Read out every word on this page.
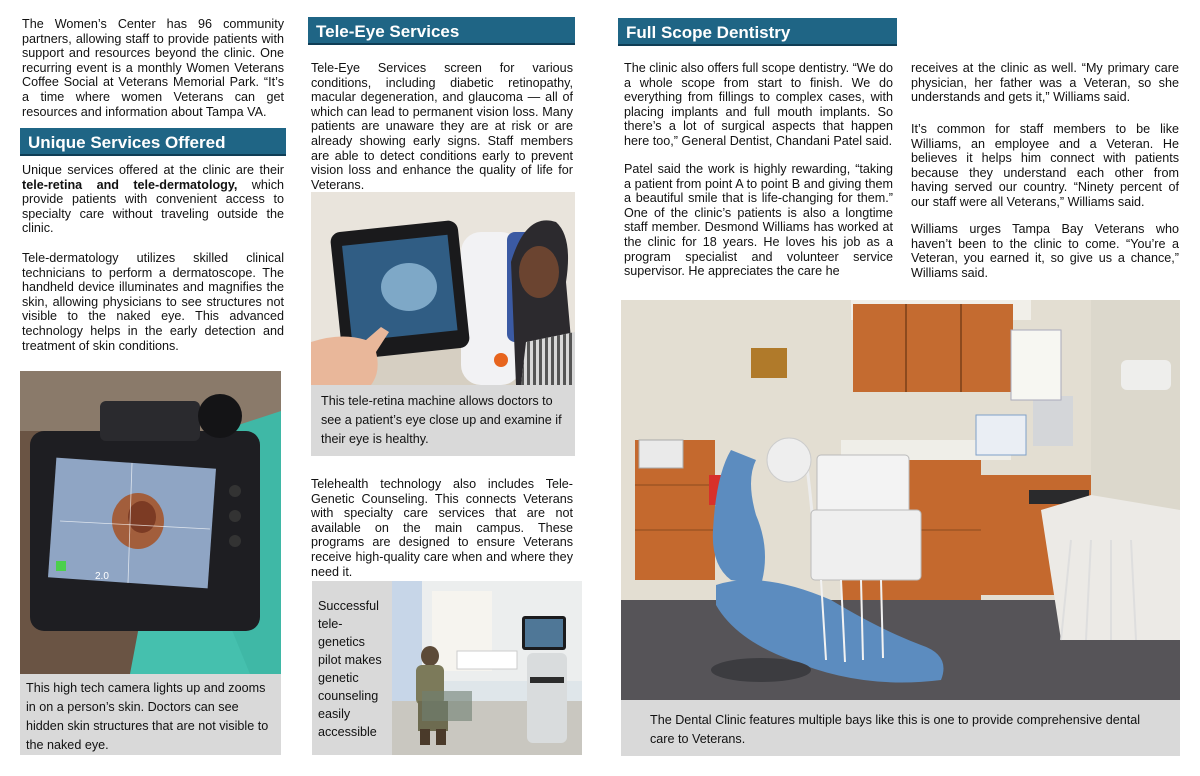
The Women’s Center has 96 community partners, allowing staff to provide patients with support and resources beyond the clinic. One recurring event is a monthly Women Veterans Coffee Social at Veterans Memorial Park. “It’s a time where women Veterans can get resources and information about Tampa VA.

Unique Services Offered

Unique services offered at the clinic are their tele-retina and tele-dermatology, which provide patients with convenient access to specialty care without traveling outside the clinic.

Tele-dermatology utilizes skilled clinical technicians to perform a dermatoscope. The handheld device illuminates and magnifies the skin, allowing physicians to see structures not visible to the naked eye. This advanced technology helps in the early detection and treatment of skin conditions.

2.0
This high tech camera lights up and zooms in on a person’s skin. Doctors can see hidden skin structures that are not visible to the naked eye.
Tele-Eye Services

Tele-Eye Services screen for various conditions, including diabetic retinopathy, macular degeneration, and glaucoma — all of which can lead to permanent vision loss. Many patients are unaware they are at risk or are already showing early signs. Staff members are able to detect conditions early to prevent vision loss and enhance the quality of life for Veterans.

This tele-retina machine allows doctors to see a patient’s eye close up and examine if their eye is healthy.

Telehealth technology also includes Tele-Genetic Counseling. This connects Veterans with specialty care services that are not available on the main campus. These programs are designed to ensure Veterans receive high-quality care when and where they need it.

Successful tele-genetics pilot makes genetic counseling easily accessible
Full Scope Dentistry

The clinic also offers full scope dentistry. “We do a whole scope from start to finish. We do everything from fillings to complex cases, with placing implants and full mouth implants. So there’s a lot of surgical aspects that happen here too,” General Dentist, Chandani Patel said.

Patel said the work is highly rewarding, “taking a patient from point A to point B and giving them a beautiful smile that is life-changing for them.” One of the clinic’s patients is also a longtime staff member. Desmond Williams has worked at the clinic for 18 years. He loves his job as a program specialist and volunteer service supervisor. He appreciates the care he

receives at the clinic as well. “My primary care physician, her father was a Veteran, so she understands and gets it,” Williams said.

It’s common for staff members to be like Williams, an employee and a Veteran. He believes it helps him connect with patients because they understand each other from having served our country. “Ninety percent of our staff were all Veterans,” Williams said.

Williams urges Tampa Bay Veterans who haven’t been to the clinic to come. “You’re a Veteran, you earned it, so give us a chance,” Williams said.

The Dental Clinic features multiple bays like this is one to provide comprehensive dental care to Veterans.
